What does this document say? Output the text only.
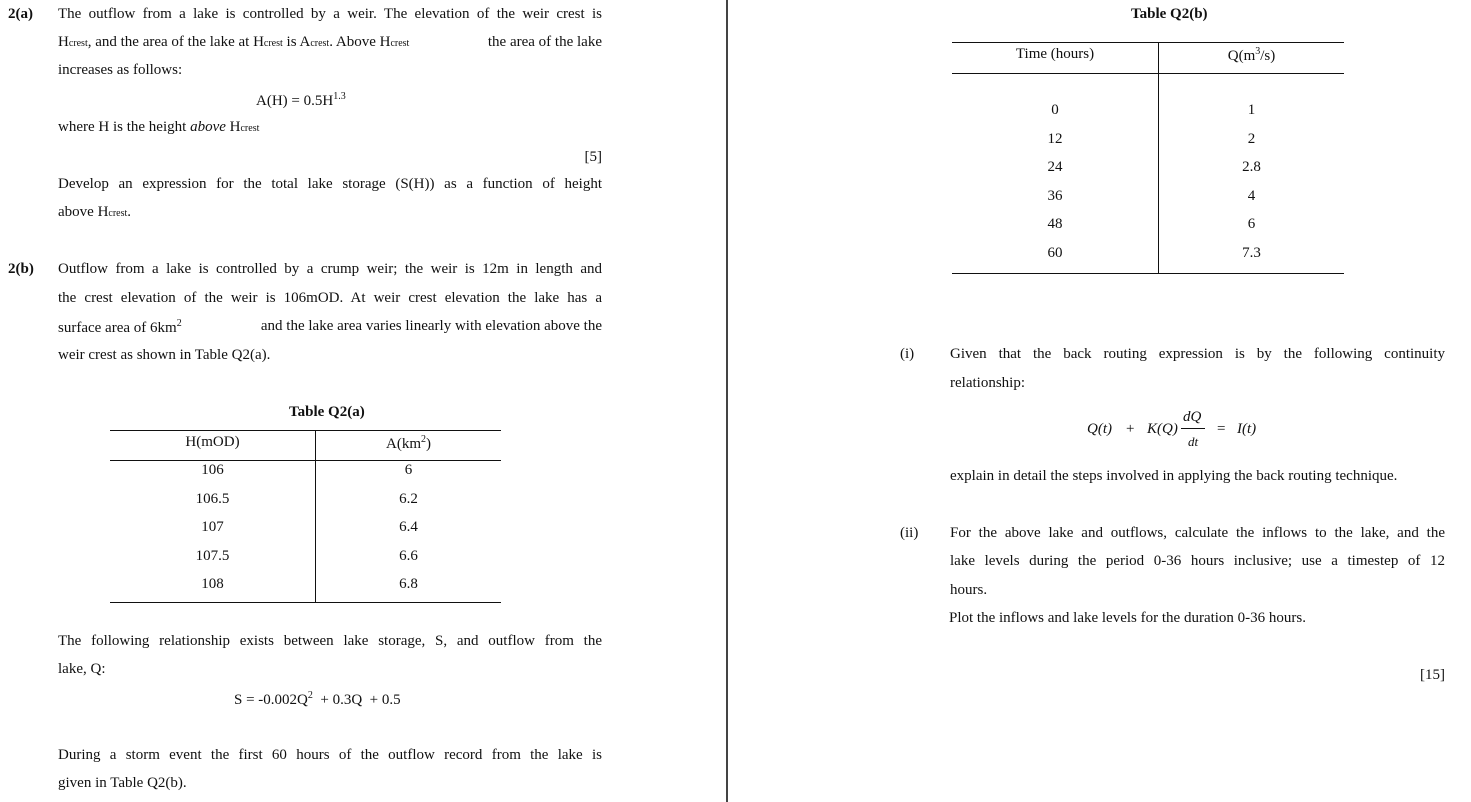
2(a) The outflow from a lake is controlled by a weir. The elevation of the weir crest is
Hcrest, and the area of the lake at Hcrest is Acrest. Above Hcrest	the area of the lake
increases as follows:
$A(H) = 0.5H^{1.3}$
where H is the height above Hcrest
[5]
Develop an expression for the total lake storage (S(H)) as a function of height
above Hcrest.
2(b) Outflow from a lake is controlled by a crump weir; the weir is 12m in length and
the crest elevation of the weir is 106mOD. At weir crest elevation the lake has a
surface area of $6km^2$	and the lake area varies linearly with elevation above the
weir crest as shown in Table Q2(a).
Table Q2(a)
H(mOD)	$A(km^2)$
106	6
106.5	6.2
107	6.4
107.5	6.6
108	6.8
The following relationship exists between lake storage, S, and outflow from the
lake, Q:
$S = -0.002Q^2 + 0.3Q + 0.5$
During a storm event the first 60 hours of the outflow record from the lake is
given in Table Q2(b).
Table Q2(b)
Time (hours)	$Q(m^3/s)$
0	1
12	2
24	2.8
36	4
48	6
60	7.3
(i) Given that the back routing expression is by the following continuity
relationship:
Q(t) + K(Q)
dQ
dt
= I(t)
explain in detail the steps involved in applying the back routing technique.
(ii) For the above lake and outflows, calculate the inflows to the lake, and the
lake levels during the period 0-36 hours inclusive; use a timestep of 12
hours.
Plot the inflows and lake levels for the duration 0-36 hours.
[15]
